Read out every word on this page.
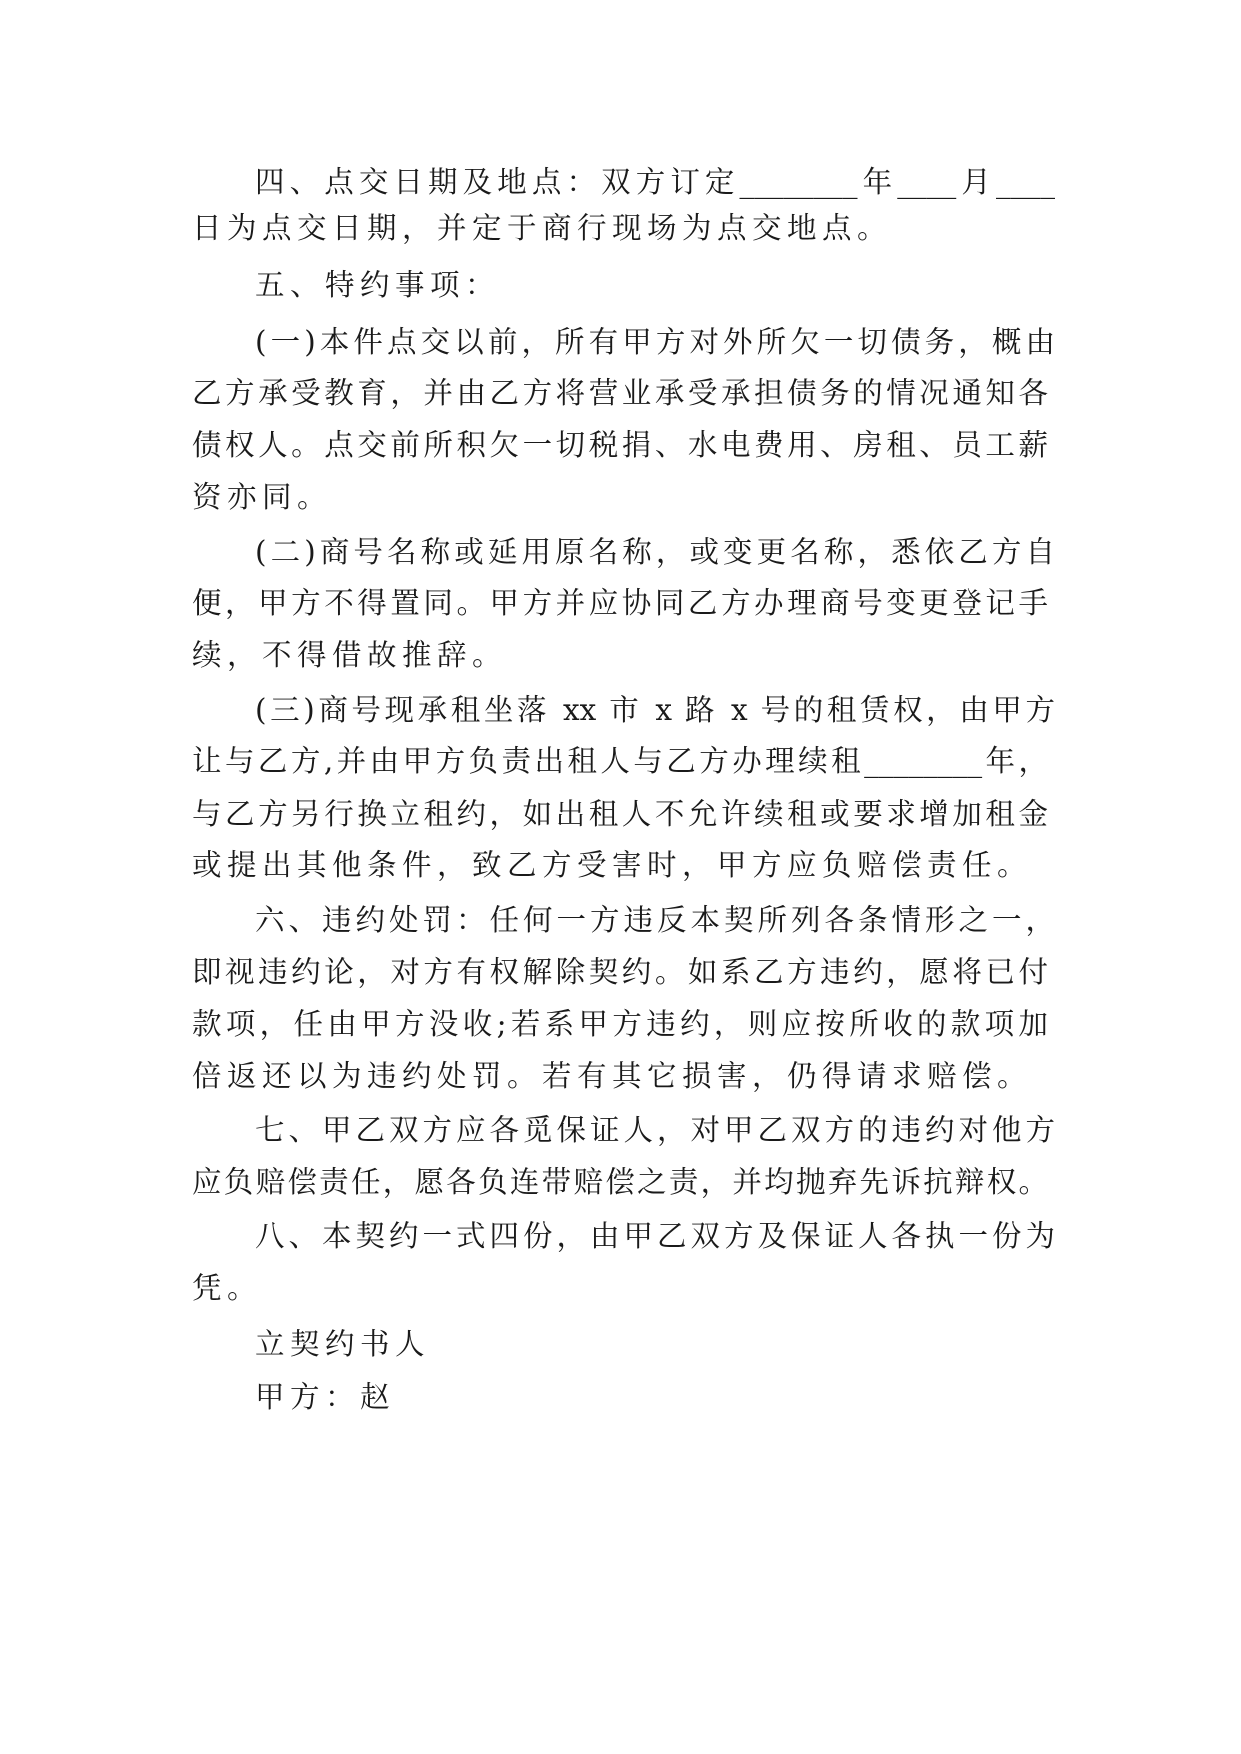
四、点交日期及地点：双方订定________年____月____
日为点交日期，并定于商行现场为点交地点。
五、特约事项：
(一)本件点交以前，所有甲方对外所欠一切债务，概由
乙方承受教育，并由乙方将营业承受承担债务的情况通知各
债权人。点交前所积欠一切税捐、水电费用、房租、员工薪
资亦同。
(二)商号名称或延用原名称，或变更名称，悉依乙方自
便，甲方不得置同。甲方并应协同乙方办理商号变更登记手
续，不得借故推辞。
(三)商号现承租坐落 xx 市 x 路 x 号的租赁权，由甲方
让与乙方,并由甲方负责出租人与乙方办理续租________年，
与乙方另行换立租约，如出租人不允许续租或要求增加租金
或提出其他条件，致乙方受害时，甲方应负赔偿责任。
六、违约处罚：任何一方违反本契所列各条情形之一，
即视违约论，对方有权解除契约。如系乙方违约，愿将已付
款项，任由甲方没收;若系甲方违约，则应按所收的款项加
倍返还以为违约处罚。若有其它损害，仍得请求赔偿。
七、甲乙双方应各觅保证人，对甲乙双方的违约对他方
应负赔偿责任，愿各负连带赔偿之责，并均抛弃先诉抗辩权。
八、本契约一式四份，由甲乙双方及保证人各执一份为
凭。
立契约书人
甲方：赵
